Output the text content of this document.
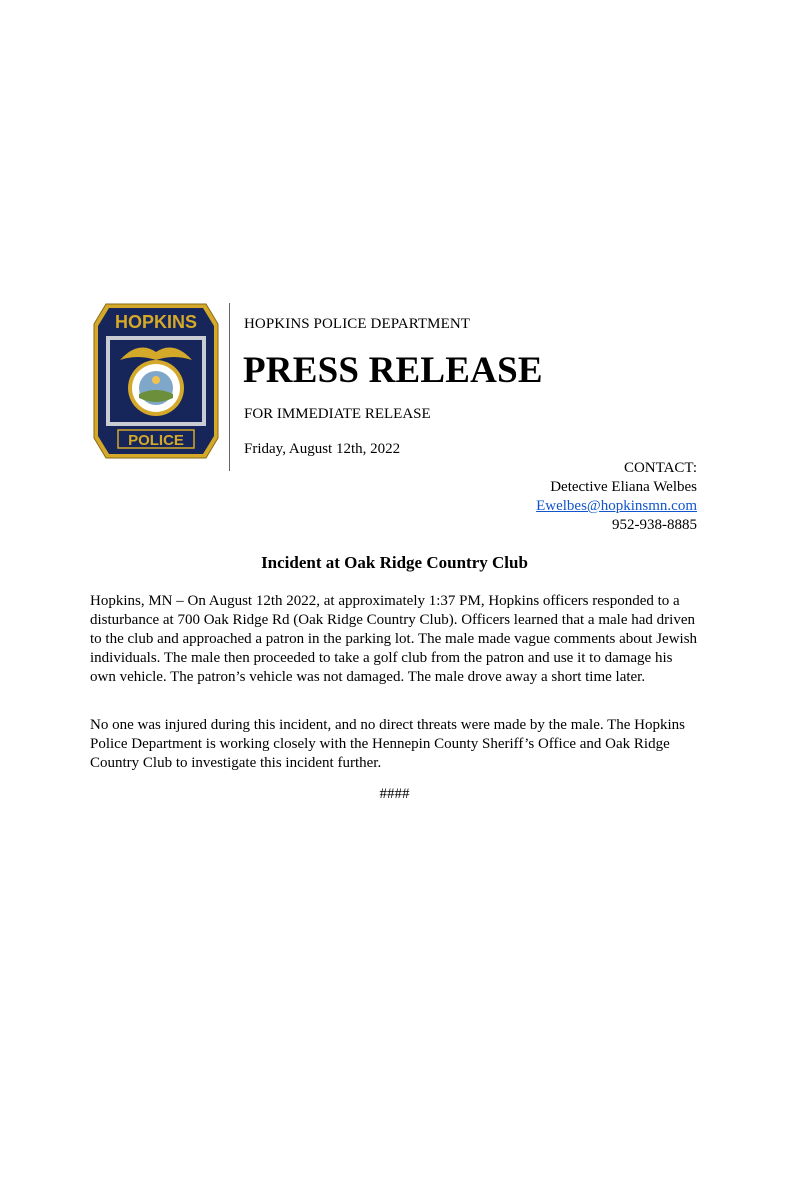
HOPKINS
POLICE
HOPKINS POLICE DEPARTMENT
PRESS RELEASE
FOR IMMEDIATE RELEASE
Friday, August 12th, 2022
CONTACT:
Detective Eliana Welbes
Ewelbes@hopkinsmn.com
952-938-8885
Incident at Oak Ridge Country Club
Hopkins, MN – On August 12th 2022, at approximately 1:37 PM, Hopkins officers responded to a disturbance at 700 Oak Ridge Rd (Oak Ridge Country Club). Officers learned that a male had driven to the club and approached a patron in the parking lot. The male made vague comments about Jewish individuals. The male then proceeded to take a golf club from the patron and use it to damage his own vehicle. The patron’s vehicle was not damaged. The male drove away a short time later.
No one was injured during this incident, and no direct threats were made by the male. The Hopkins Police Department is working closely with the Hennepin County Sheriff’s Office and Oak Ridge Country Club to investigate this incident further.
####
